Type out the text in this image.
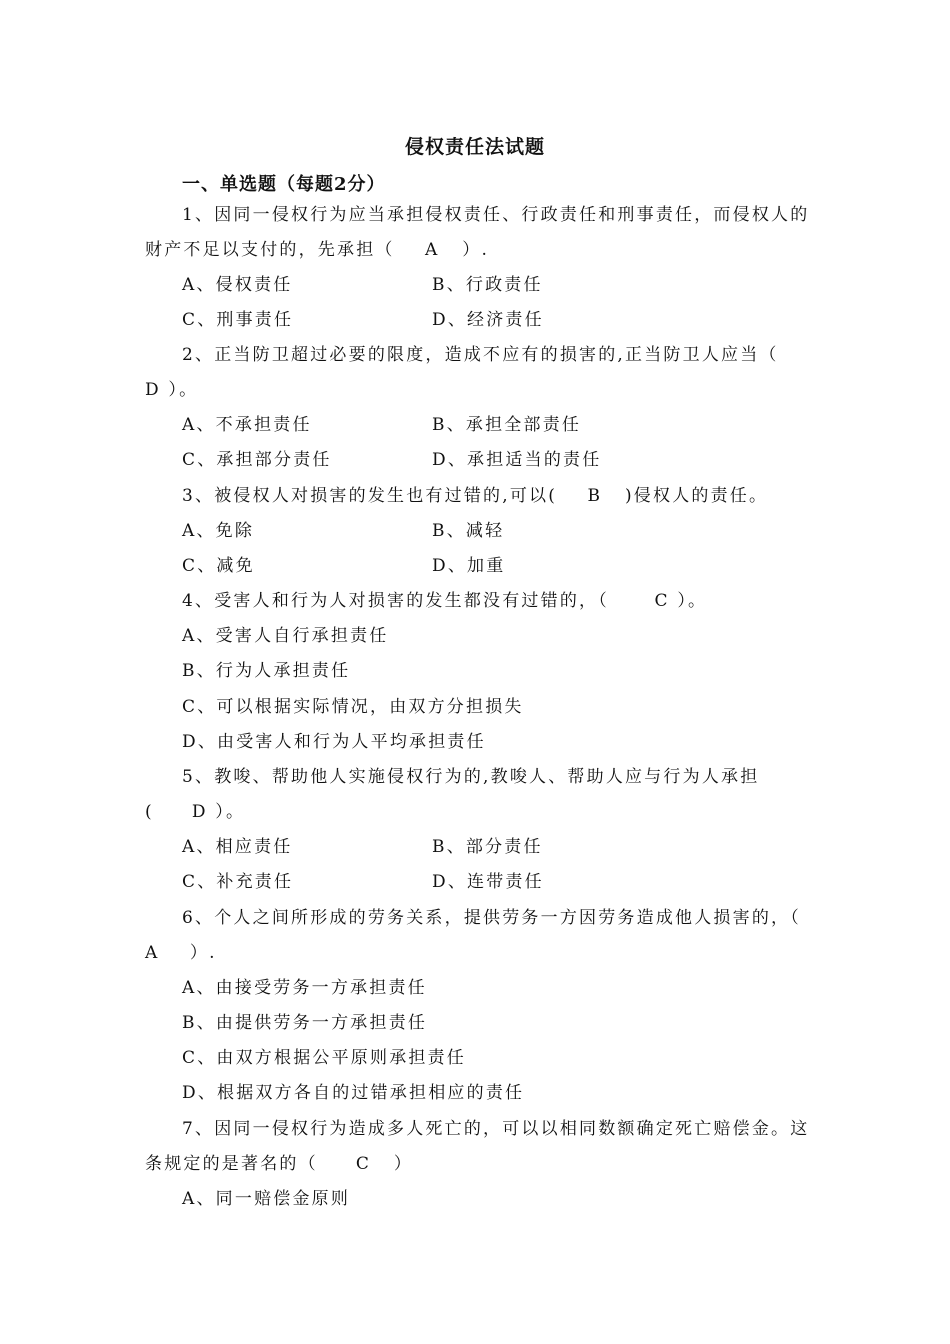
侵权责任法试题
一、单选题（每题2分）
1、因同一侵权行为应当承担侵权责任、行政责任和刑事责任，而侵权人的
财产不足以支付的，先承担（    A   ）.
A、侵权责任	B、行政责任
C、刑事责任	D、经济责任
2、正当防卫超过必要的限度，造成不应有的损害的,正当防卫人应当（
D ）。
A、不承担责任	B、承担全部责任
C、承担部分责任	D、承担适当的责任
3、被侵权人对损害的发生也有过错的,可以(    B   )侵权人的责任。
A、免除	B、减轻
C、减免	D、加重
4、受害人和行为人对损害的发生都没有过错的，（      C ）。
A、受害人自行承担责任
B、行为人承担责任
C、可以根据实际情况，由双方分担损失
D、由受害人和行为人平均承担责任
5、教唆、帮助他人实施侵权行为的,教唆人、帮助人应与行为人承担
(     D ）。
A、相应责任	B、部分责任
C、补充责任	D、连带责任
6、个人之间所形成的劳务关系，提供劳务一方因劳务造成他人损害的，（
A    ）.
A、由接受劳务一方承担责任
B、由提供劳务一方承担责任
C、由双方根据公平原则承担责任
D、根据双方各自的过错承担相应的责任
7、因同一侵权行为造成多人死亡的，可以以相同数额确定死亡赔偿金。这
条规定的是著名的（     C   ）
A、同一赔偿金原则
